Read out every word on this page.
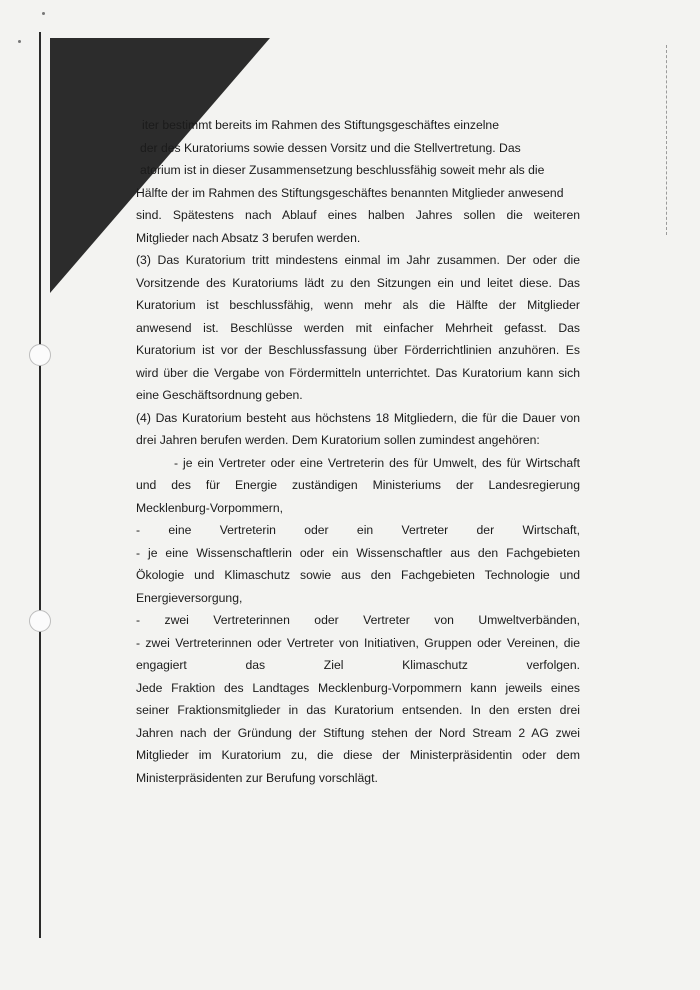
iter bestimmt bereits im Rahmen des Stiftungsgeschäftes einzelne

der des Kuratoriums sowie dessen Vorsitz und die Stellvertretung. Das

atorium ist in dieser Zusammensetzung beschlussfähig soweit mehr als die

Hälfte der im Rahmen des Stiftungsgeschäftes benannten Mitglieder anwesend

sind. Spätestens nach Ablauf eines halben Jahres sollen die weiteren

Mitglieder nach Absatz 3 berufen werden.

(3) Das Kuratorium tritt mindestens einmal im Jahr zusammen. Der oder die

Vorsitzende des Kuratoriums lädt zu den Sitzungen ein und leitet diese. Das

Kuratorium ist beschlussfähig, wenn mehr als die Hälfte der Mitglieder

anwesend ist. Beschlüsse werden mit einfacher Mehrheit gefasst. Das

Kuratorium ist vor der Beschlussfassung über Förderrichtlinien anzuhören. Es

wird über die Vergabe von Fördermitteln unterrichtet. Das Kuratorium kann sich

eine Geschäftsordnung geben.

(4) Das Kuratorium besteht aus höchstens 18 Mitgliedern, die für die Dauer von

drei Jahren berufen werden. Dem Kuratorium sollen zumindest angehören:

- je ein Vertreter oder eine Vertreterin des für Umwelt, des für Wirtschaft

und des für Energie zuständigen Ministeriums der Landesregierung

Mecklenburg-Vorpommern,

- eine Vertreterin oder ein Vertreter der Wirtschaft,

- je eine Wissenschaftlerin oder ein Wissenschaftler aus den Fachgebieten

Ökologie und Klimaschutz sowie aus den Fachgebieten Technologie und

Energieversorgung,

- zwei Vertreterinnen oder Vertreter von Umweltverbänden,

- zwei Vertreterinnen oder Vertreter von Initiativen, Gruppen oder Vereinen, die

engagiert das Ziel Klimaschutz verfolgen.

Jede Fraktion des Landtages Mecklenburg-Vorpommern kann jeweils eines

seiner Fraktionsmitglieder in das Kuratorium entsenden. In den ersten drei

Jahren nach der Gründung der Stiftung stehen der Nord Stream 2 AG zwei

Mitglieder im Kuratorium zu, die diese der Ministerpräsidentin oder dem

Ministerpräsidenten zur Berufung vorschlägt.
